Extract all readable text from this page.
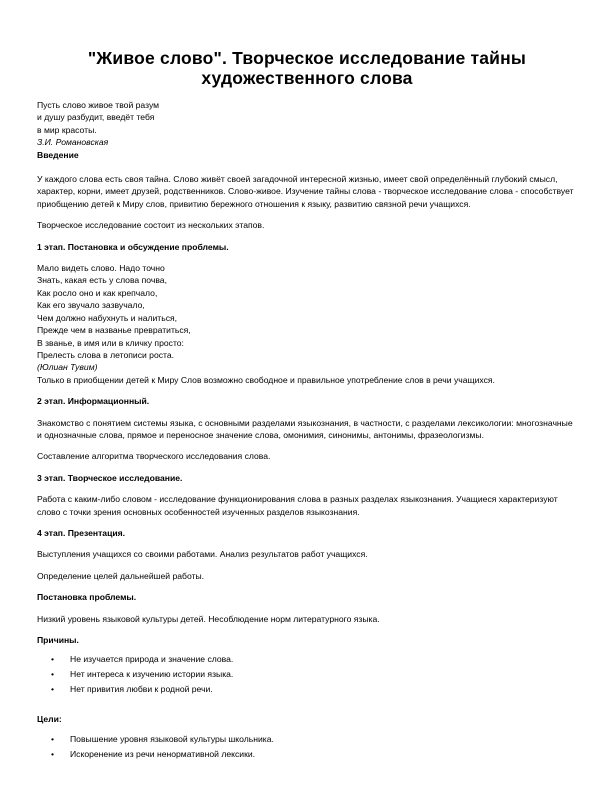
"Живое слово". Творческое исследование тайны художественного слова
Пусть слово живое твой разум
и душу разбудит, введёт тебя
в мир красоты.
З.И. Романовская
Введение
У каждого слова есть своя тайна. Слово живёт своей загадочной интересной жизнью, имеет свой определённый глубокий смысл, характер, корни, имеет друзей, родственников. Слово-живое. Изучение тайны слова - творческое исследование слова - способствует приобщению детей к Миру слов, привитию бережного отношения к языку, развитию связной речи учащихся.
Творческое исследование состоит из нескольких этапов.
1 этап. Постановка и обсуждение проблемы.
Мало видеть слово. Надо точно
Знать, какая есть у слова почва,
Как росло оно и как крепчало,
Как его звучало зазвучало,
Чем должно набухнуть и налиться,
Прежде чем в названье превратиться,
В званье, в имя или в кличку просто:
Прелесть слова в летописи роста.
(Юлиан Тувим)
Только в приобщении детей к Миру Слов возможно свободное и правильное употребление слов в речи учащихся.
2 этап. Информационный.
Знакомство с понятием системы языка, с основными разделами языкознания, в частности, с разделами лексикологии: многозначные и однозначные слова, прямое и переносное значение слова, омонимия, синонимы, антонимы, фразеологизмы.
Составление алгоритма творческого исследования слова.
3 этап. Творческое исследование.
Работа с каким-либо словом - исследование функционирования слова в разных разделах языкознания. Учащиеся характеризуют слово с точки зрения основных особенностей изученных разделов языкознания.
4 этап. Презентация.
Выступления учащихся со своими работами. Анализ результатов работ учащихся.
Определение целей дальнейшей работы.
Постановка проблемы.
Низкий уровень языковой культуры детей. Несоблюдение норм литературного языка.
Причины.
• Не изучается природа и значение слова.
• Нет интереса к изучению истории языка.
• Нет привития любви к родной речи.
Цели:
• Повышение уровня языковой культуры школьника.
• Искоренение из речи ненормативной лексики.
